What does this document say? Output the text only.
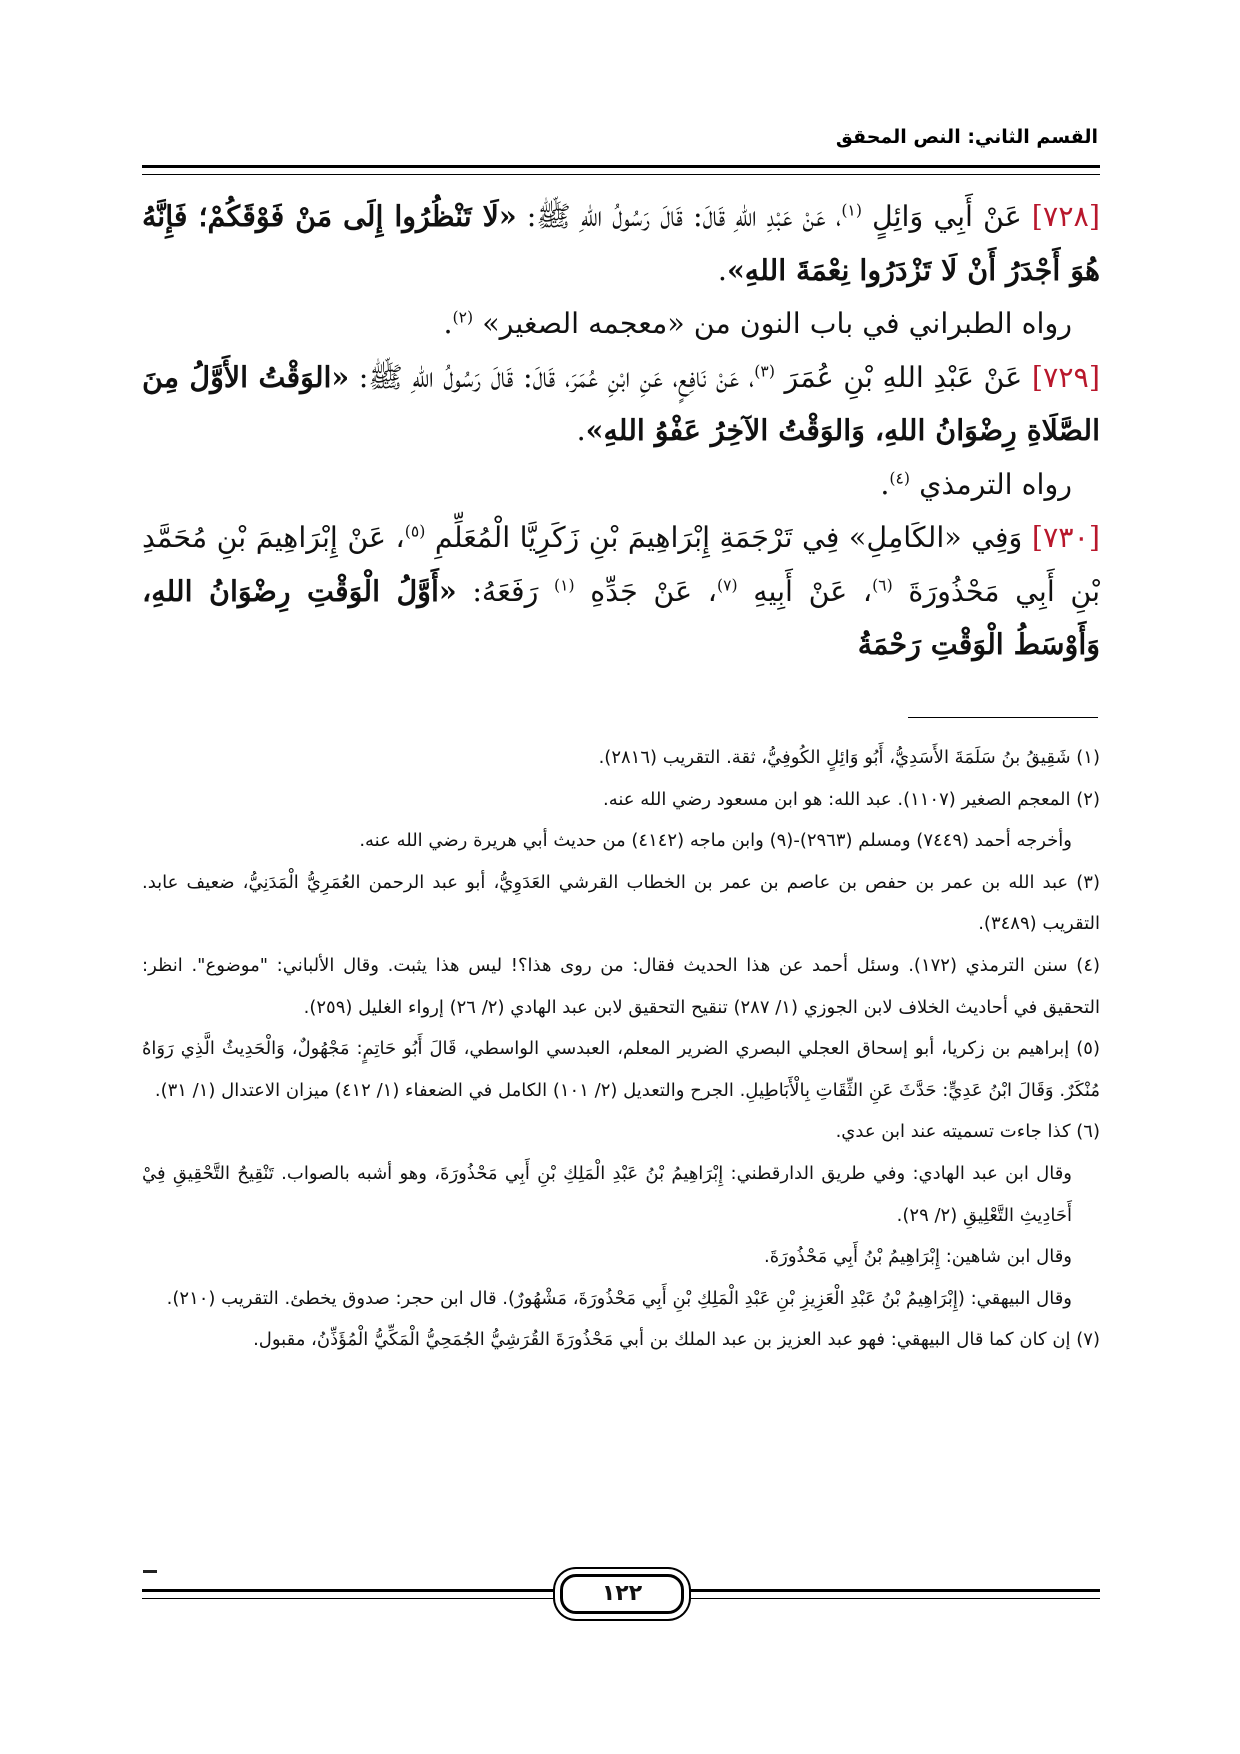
القسم الثاني: النص المحقق

[٧٢٨] عَنْ أَبِي وَائِلٍ $^{(١)}$، عَنْ عَبْدِ اللهِ قَالَ: قَالَ رَسُولُ اللهِ ﷺ: «لَا تَنْظُرُوا إِلَى مَنْ فَوْقَكُمْ؛ فَإِنَّهُ هُوَ أَجْدَرُ أَنْ لَا تَزْدَرُوا نِعْمَةَ اللهِ».

رواه الطبراني في باب النون من «معجمه الصغير» $^{(٢)}$.

[٧٢٩] عَنْ عَبْدِ اللهِ بْنِ عُمَرَ $^{(٣)}$، عَنْ نَافِعٍ، عَنِ ابْنِ عُمَرَ، قَالَ: قَالَ رَسُولُ اللهِ ﷺ: «الوَقْتُ الأَوَّلُ مِنَ الصَّلَاةِ رِضْوَانُ اللهِ، وَالوَقْتُ الآخِرُ عَفْوُ اللهِ».

رواه الترمذي $^{(٤)}$.

[٧٣٠] وَفِي «الكَامِلِ» فِي تَرْجَمَةِ إِبْرَاهِيمَ بْنِ زَكَرِيَّا الْمُعَلِّمِ $^{(٥)}$، عَنْ إِبْرَاهِيمَ بْنِ مُحَمَّدِ بْنِ أَبِي مَحْذُورَةَ $^{(٦)}$، عَنْ أَبِيهِ $^{(٧)}$، عَنْ جَدِّهِ $^{(١)}$ رَفَعَهُ: «أَوَّلُ الْوَقْتِ رِضْوَانُ اللهِ، وَأَوْسَطُ الْوَقْتِ رَحْمَةُ

(١) شَقِيقُ بنُ سَلَمَةَ الأَسَدِيُّ، أَبُو وَائِلٍ الكُوفِيُّ، ثقة. التقريب (٢٨١٦).

(٢) المعجم الصغير (١١٠٧). عبد الله: هو ابن مسعود رضي الله عنه.

وأخرجه أحمد (٧٤٤٩) ومسلم (٢٩٦٣)-(٩) وابن ماجه (٤١٤٢) من حديث أبي هريرة رضي الله عنه.

(٣) عبد الله بن عمر بن حفص بن عاصم بن عمر بن الخطاب القرشي العَدَوِيُّ، أبو عبد الرحمن العُمَرِيُّ الْمَدَنِيُّ، ضعيف عابد. التقريب (٣٤٨٩).

(٤) سنن الترمذي (١٧٢). وسئل أحمد عن هذا الحديث فقال: من روى هذا؟! ليس هذا يثبت. وقال الألباني: "موضوع". انظر: التحقيق في أحاديث الخلاف لابن الجوزي (١/ ٢٨٧) تنقيح التحقيق لابن عبد الهادي (٢/ ٢٦) إرواء الغليل (٢٥٩).

(٥) إبراهيم بن زكريا، أبو إسحاق العجلي البصري الضرير المعلم، العبدسي الواسطي، قَالَ أَبُو حَاتِمٍ: مَجْهُولٌ، وَالْحَدِيثُ الَّذِي رَوَاهُ مُنْكَرٌ. وَقَالَ ابْنُ عَدِيٍّ: حَدَّثَ عَنِ الثِّقَاتِ بِالْأَبَاطِيلِ. الجرح والتعديل (٢/ ١٠١) الكامل في الضعفاء (١/ ٤١٢) ميزان الاعتدال (١/ ٣١).

(٦) كذا جاءت تسميته عند ابن عدي.

وقال ابن عبد الهادي: وفي طريق الدارقطني: إِبْرَاهِيمُ بْنُ عَبْدِ الْمَلِكِ بْنِ أَبِي مَحْذُورَةَ، وهو أشبه بالصواب. تَنْقِيحُ التَّحْقِيقِ فِيْ أَحَادِيثِ التَّعْلِيقِ (٢/ ٢٩).

وقال ابن شاهين: إِبْرَاهِيمُ بْنُ أَبِي مَحْذُورَةَ.

وقال البيهقي: (إِبْرَاهِيمُ بْنُ عَبْدِ الْعَزِيزِ بْنِ عَبْدِ الْمَلِكِ بْنِ أَبِي مَحْذُورَةَ، مَشْهُورٌ). قال ابن حجر: صدوق يخطئ. التقريب (٢١٠).

(٧) إن كان كما قال البيهقي: فهو عبد العزيز بن عبد الملك بن أبي مَحْذُورَةَ القُرَشِيُّ الجُمَحِيُّ الْمَكِّيُّ الْمُؤَذِّنُ، مقبول.

١٢٢
